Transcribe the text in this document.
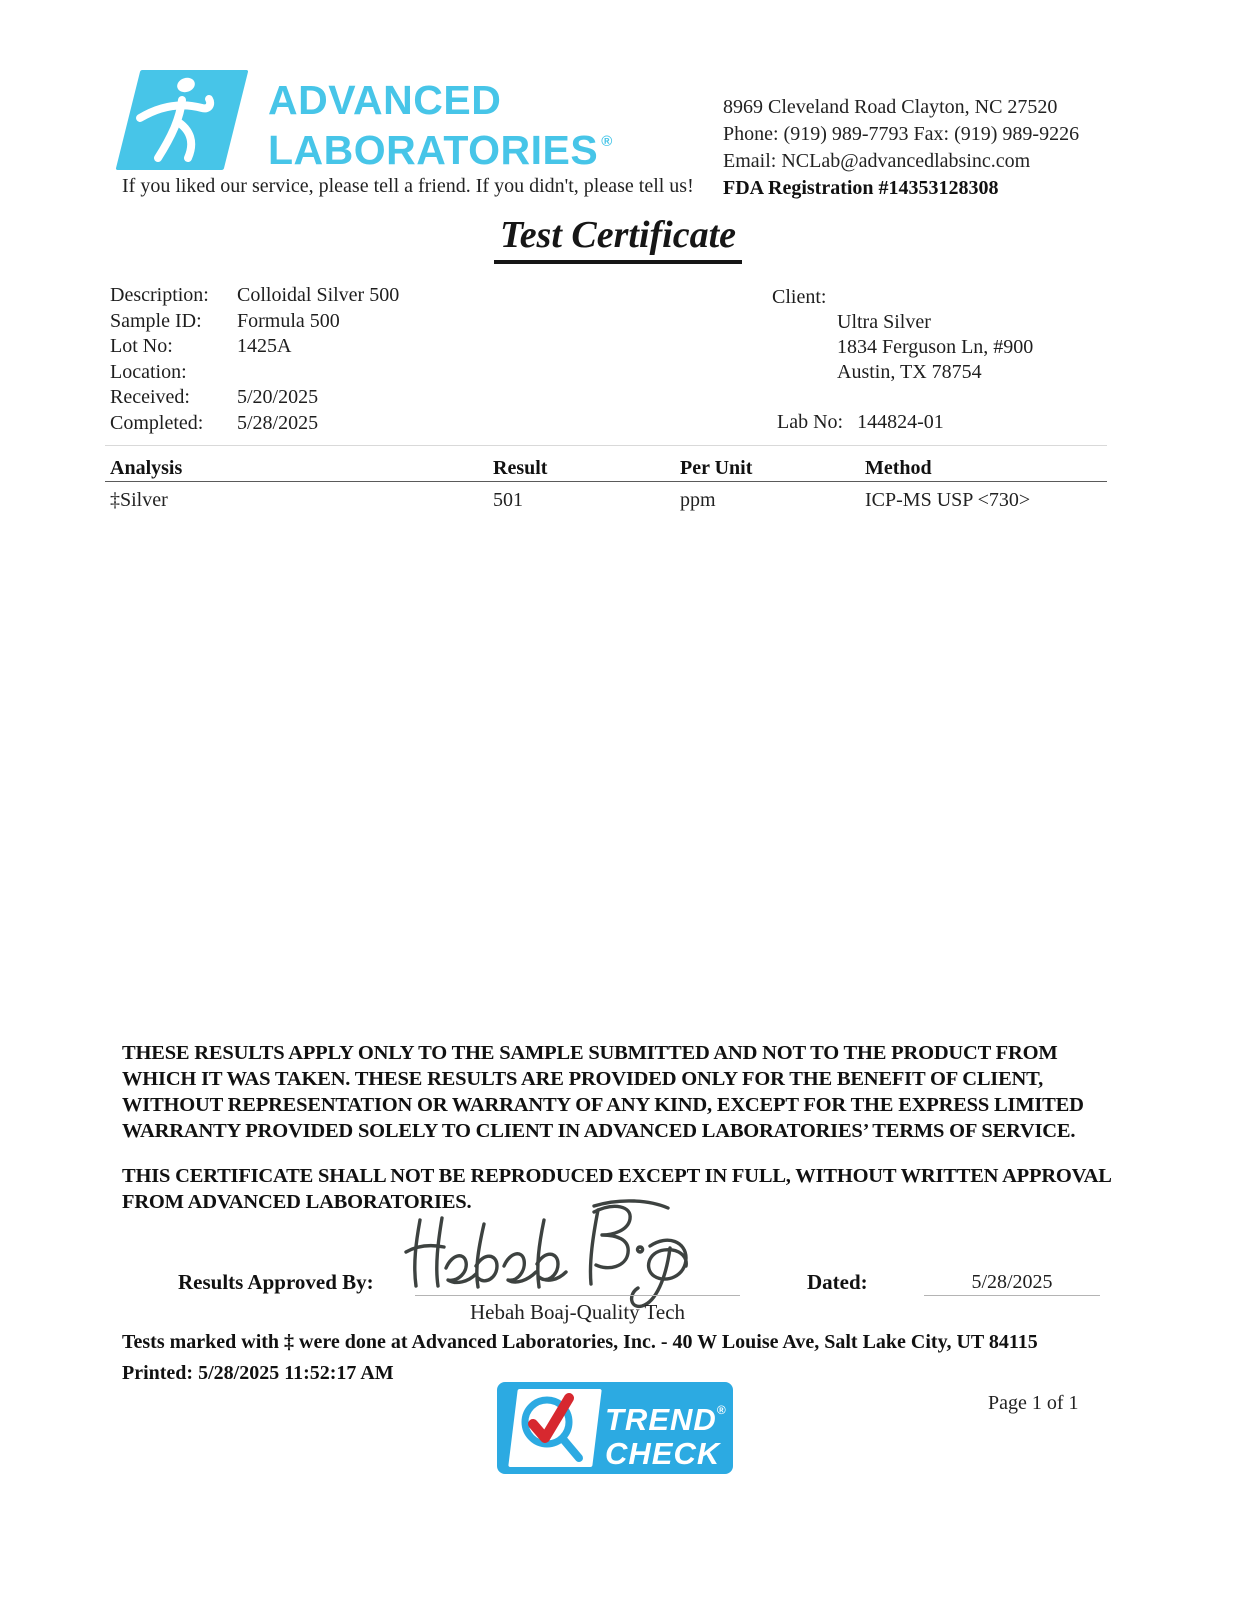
ADVANCED
LABORATORIES ®
If you liked our service, please tell a friend. If you didn't, please tell us!
8969 Cleveland Road Clayton, NC 27520
Phone: (919) 989-7793 Fax: (919) 989-9226
Email: NCLab@advancedlabsinc.com
FDA Registration #14353128308
Test Certificate
Description:	Colloidal Silver 500
Sample ID:	Formula 500
Lot No:	1425A
Location:
Received:	5/20/2025
Completed:	5/28/2025
Client:
Ultra Silver
1834 Ferguson Ln, #900
Austin, TX 78754
Lab No: 144824-01
Analysis	Result	Per Unit	Method
‡Silver	501	ppm	ICP-MS USP <730>
THESE RESULTS APPLY ONLY TO THE SAMPLE SUBMITTED AND NOT TO THE PRODUCT FROM WHICH IT WAS TAKEN. THESE RESULTS ARE PROVIDED ONLY FOR THE BENEFIT OF CLIENT, WITHOUT REPRESENTATION OR WARRANTY OF ANY KIND, EXCEPT FOR THE EXPRESS LIMITED WARRANTY PROVIDED SOLELY TO CLIENT IN ADVANCED LABORATORIES’ TERMS OF SERVICE.
THIS CERTIFICATE SHALL NOT BE REPRODUCED EXCEPT IN FULL, WITHOUT WRITTEN APPROVAL FROM ADVANCED LABORATORIES.
Results Approved By:	Dated:	5/28/2025
Hebah Boaj-Quality Tech
Tests marked with ‡ were done at Advanced Laboratories, Inc. - 40 W Louise Ave, Salt Lake City, UT 84115
Printed: 5/28/2025 11:52:17 AM
TREND®
CHECK
Page 1 of 1
